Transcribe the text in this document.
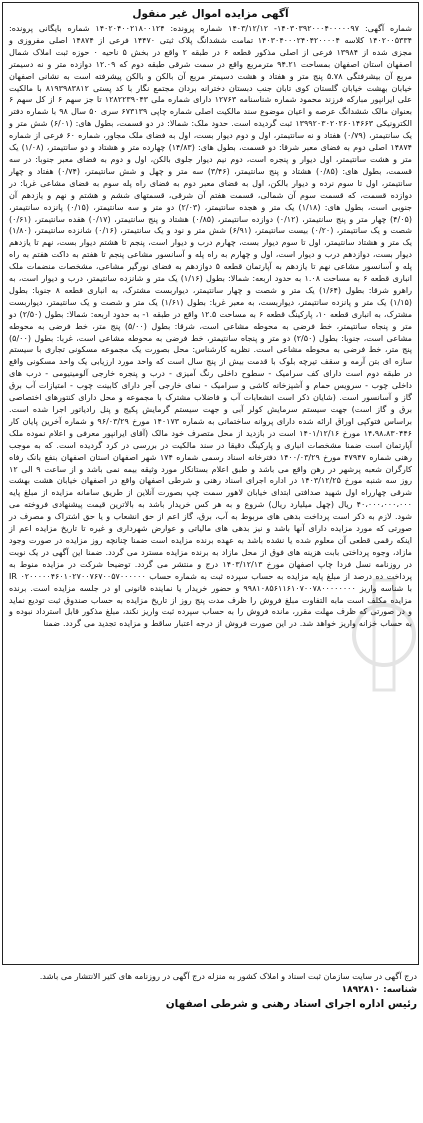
آگهی مزایده اموال غیر منقول

شماره آگهی: ۱۴۰۳۰۳۹۲۰۰۰۴۰۰۰۰۰۹۷- ۱۴۰۳/۱۲/۱۲ شماره پرونده: ۱۴۰۲۰۴۰۰۲۱۸۰۰۱۲۴ شماره بایگانی پرونده: ۱۴۰۲۰۰۵۳۳۴ کلاسه ۱۴۰۳۰۴۰۰۰۲۴۰۴۲۰۰۰۰۴ تمامت ششدانگ پلاک ثبتی ۱۴۴۷۰ فرعی از ۱۴۸۷۴ اصلی مفروزی و مجزی شده از ۱۳۹۸۴ فرعی از اصلی مذکور قطعه ۶ در طبقه ۲ واقع در بخش ۵ ناحیه ۰ حوزه ثبت املاک شمال اصفهان استان اصفهان بمساحت ۹۴.۲۱ مترمربع واقع در سمت شرقی طبقه دوم که ۱۲.۰۹ دوازده متر و نه دسیمتر مربع آن بیشرفتگی ۵.۷۸ پنج متر و هفتاد و هشت دسیمتر مربع آن بالکن و بالکن پیشرفته است به نشانی اصفهان خیابان بهشت خیابان گلستان کوی تابان جنب دبستان دخترانه بردان مجتمع نگار با کد پستی ۸۱۹۳۹۸۳۸۱۲ با مالکیت علی ایرانپور مبارکه فرزند محمود شماره شناسنامه ۱۲۷۶۳ دارای شماره ملی ۱۲۸۲۲۳۹۰۴۳ تا جز سهم ۶ از کل سهم ۶ بعنوان مالک ششدانگ عرصه و اعیان موضوع سند مالکیت اصلی شماره چاپی ۶۷۳۱۳۹ سری ۵۰ سال ۹۸ با شماره دفتر الکترونیکی ۱۳۹۹۲۰۳۰۲۰۲۶۰۱۴۶۶۳ ثبت گردیده است. حدود ملک: شمالا: در دو قسمت، بطول های: (۶/۰۱) شش متر و یک سانتیمتر، (۰/۷۹) هفتاد و نه سانتیمتر، اول و دوم دیوار بست، اول به فضای ملک مجاور، شماره ۶۰ فرعی از شماره ۱۴۸۷۴ اصلی دوم به فضای معبر شرقا: دو قسمت، بطول های: (۱۴/۸۳) چهارده متر و هشتاد و دو سانتیمتر، (۱/۰۸) یک متر و هشت سانتیمتر، اول دیوار و پنجره است، دوم نیم دیوار جلوی بالکن، اول و دوم به فضای معبر جنوبا: در سه قسمت، بطول های: (۰/۸۵) هشتاد و پنج سانتیمتر، (۳/۴۶) سه متر و چهل و شش سانتیمتر، (۰/۷۴) هفتاد و چهار سانتیمتر، اول تا سوم نرده و دیوار بالکن، اول به فضای معبر دوم به فضای راه پله سوم به فضای مشاعی غربا: در دوازده قسمت، که قسمت سوم آن شمالی، قسمت هفتم آن شرقی، قسمتهای ششم و هشتم و نهم و یازدهم آن جنوبی است، بطول های: (۱/۱۸) یک متر و هجده سانتیمتر، (۲/۰۳) دو متر و سه سانتیمتر، (۰/۱۵) پانزده سانتیمتر، (۴/۰۵) چهار متر و پنج سانتیمتر، (۰/۱۲) دوازده سانتیمتر، (۰/۸۵) هشتاد و پنج سانتیمتر، (۰/۱۷) هفده سانتیمتر، (۰/۶۱) شصت و یک سانتیمتر، (۰/۲۰) بیست سانتیمتر، (۶/۹۱) شش متر و نود و یک سانتیمتر، (۰/۱۶) شانزده سانتیمتر، (۱/۸۰) یک متر و هشتاد سانتیمتر، اول تا سوم دیوار بست، چهارم درب و دیوار است، پنجم تا هشتم دیوار بست، نهم تا یازدهم دیوار بست، دوازدهم درب و دیوار است، اول و چهارم به راه پله و آسانسور مشاعی پنجم تا هفتم به داکت هفتم به راه پله و آسانسور مشاعی نهم تا یازدهم به آپارتمان قطعه ۵ دوازدهم به فضای نورگیر مشاعی، مشخصات منضمات ملک انباری قطعه ۶ به مساحت ۱.۰۸ به حدود اربعه: شمالا: بطول (۱/۱۶) یک متر و شانزده سانتیمتر، درب و دیوار است، به راهرو شرقا: بطول (۱/۶۴) یک متر و شصت و چهار سانتیمتر، دیواربست مشترک، به انباری قطعه ۸ جنوبا: بطول (۱/۱۵) یک متر و پانزده سانتیمتر، دیواربست، به معبر غربا: بطول (۱/۶۱) یک متر و شصت و یک سانتیمتر، دیواربست مشترک، به انباری قطعه ۱۰، پارکینگ قطعه ۶ به مساحت ۱۲.۵ واقع در طبقه ۱- به حدود اربعه: شمالا: بطول (۲/۵۰) دو متر و پنجاه سانتیمتر، خط فرضی به محوطه مشاعی است، شرقا: بطول (۵/۰۰) پنج متر، خط فرضی به محوطه مشاعی است، جنوبا: بطول (۲/۵۰) دو متر و پنجاه سانتیمتر، خط فرضی به محوطه مشاعی است، غربا: بطول (۵/۰۰) پنج متر، خط فرضی به محوطه مشاعی است. نظریه کارشناس: محل بصورت یک مجموعه مسکونی تجاری با سیستم سازه ای بتن آرمه و سقف تیرچه بلوک با قدمت بیش از پنج سال است که واحد مورد ارزیابی یک واحد مسکونی واقع در طبقه دوم است دارای کف سرامیک - سطوح داخلی رنگ آمیزی - درب و پنجره خارجی آلومینیومی - درب های داخلی چوب - سرویس حمام و آشپزخانه کاشی و سرامیک - نمای خارجی آجر دارای کابینت چوب - امتیازات آب برق گاز و آسانسور است. (شایان ذکر است انشعابات آب و فاضلاب مشترک با مجموعه و محل دارای کنتورهای اختصاصی برق و گاز است) جهت سیستم سرمایش کولر آبی و جهت سیستم گرمایش پکیج و پنل رادیاتور اجرا شده است. براساس فتوکپی اوراق ارائه شده دارای پروانه ساختمانی به شماره ۱۴۰۱۷۳ مورخ ۹۶/۰۳/۲۹ و شماره آخرین پایان کار ۱۴،۹۸،۸۳۰۴۴۶ مورخ ۱۴۰۱/۱۲/۱۶ است در بازدید از محل متصرف خود مالک (آقای ایرانپور معرفی و اعلام نموده ملک آپارتمان است ضمنا مشخصات انباری و پارکینگ دقیقا در سند مالکیت در بررسی در کرد گردیده است. که به موجب رهنی شماره ۴۷۹۴۷ مورخ ۱۴۰۰/۰۳/۲۹ دفترخانه اسناد رسمی شماره ۱۷۴ شهر اصفهان استان اصفهان بنفع بانک رفاه کارگران شعبه پرشهر در رهن واقع می باشد و طبق اعلام بستانکار مورد وثیقه بیمه نمی باشد و از ساعت ۹ الی ۱۲ روز سه شنبه مورخ ۱۴۰۳/۱۲/۲۵ در اداره اجرای اسناد رهنی و شرطی اصفهان واقع در اصفهان خیابان هشت بهشت شرقی چهارراه اول شهید صدافتی ابتدای خیابان لاهور سمت چپ بصورت آنلاین از طریق سامانه مزایده از مبلغ پایه ۴۰،۰۰۰،۰۰۰،۰۰۰ ریال (چهل میلیارد ریال) شروع و به هر کس خریدار باشد به بالاترین قیمت پیشنهادی فروخته می شود. لازم به ذکر است پرداخت بدهی های مربوط به آب، برق، گاز اعم از حق انشعاب و یا حق اشتراک و مصرف در صورتی که مورد مزایده دارای آنها باشد و نیز بدهی های مالیاتی و عوارض شهرداری و غیره تا تاریخ مزایده اعم از اینکه رقمی قطعی آن معلوم شده یا نشده باشد به عهده برنده مزایده است ضمنا چنانچه روز مزایده در صورت وجود مازاد، وجوه پرداختی بابت هزینه های فوق از محل مازاد به برنده مزایده مسترد می گردد. ضمنا این آگهی در یک نوبت در روزنامه نسل فردا چاپ اصفهان مورخ ۱۴۰۳/۱۲/۱۳ درج و منتشر می گردد. توضیحا شرکت در مزایده منوط به پرداخت ده درصد از مبلغ پایه مزایده به حساب سپرده ثبت به شماره حساب ۰۲۰۰۰۰۰۴۶۰۱۰۲۷۰۰۷۶۷۰۰۵۷۰۰۰۰۰۰ IR با شناسه واریز ۹۹۸۱۰۸۵۶۱۱۶۱۰۷۰۰۷۸۰۰۰۰۰۰۰۰ و حضور خریدار یا نماینده قانونی او در جلسه مزایده است. برنده مزایده مکلف است مابه التفاوت مبلغ فروش را ظرف مدت پنج روز از تاریخ مزایده به حساب صندوق ثبت تودیع نماید و در صورتی که ظرف مهلت مقرر، مانده فروش را به حساب سپرده ثبت واریز نکند، مبلغ مذکور قابل استرداد نبوده و به حساب خزانه واریز خواهد شد. در این صورت فروش از درجه اعتبار ساقط و مزایده تجدید می گردد. ضمنا

درج آگهی در سایت سازمان ثبت اسناد و املاک کشور به منزله درج آگهی در روزنامه های کثیر الانتشار می باشد.

شناسه: ۱۸۹۲۸۱۰

رئیس اداره اجرای اسناد رهنی و شرطی اصفهان
